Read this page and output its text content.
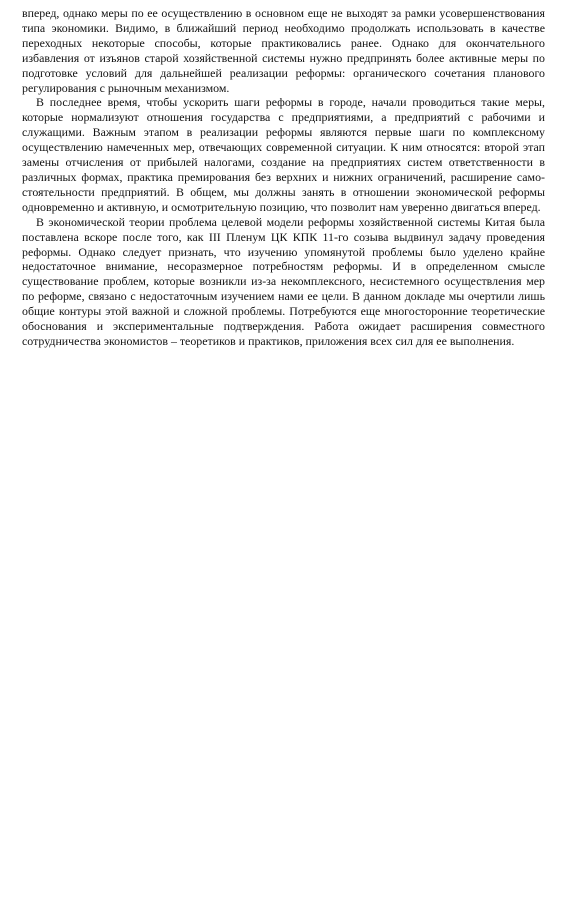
вперед, однако меры по ее осуществлению в основном еще не выходят за рамки усовершенствования типа экономики. Видимо, в ближайший период необходимо продолжать использовать в качестве переходных некоторые способы, которые практиковались ранее. Однако для окончательного избавления от изъянов старой хозяйственной системы нужно предпринять более активные меры по подготовке условий для дальнейшей реализации реформы: органического сочетания планового регулирования с рыночным механизмом.

В последнее время, чтобы ускорить шаги реформы в городе, начали проводиться такие меры, которые нормализуют отношения государства с предприятиями, а предприятий с рабочими и служащими. Важным этапом в реализации реформы являются первые шаги по комплексному осуществлению намеченных мер, отвечающих современной ситуации. К ним относятся: второй этап замены отчисления от прибылей налогами, создание на предприятиях систем ответственности в различных формах, практика премирования без верхних и нижних ограничений, расширение самостоятельности предприятий. В общем, мы должны занять в отношении экономической реформы одновременно и активную, и осмотрительную позицию, что позволит нам уверенно двигаться вперед.

В экономической теории проблема целевой модели реформы хозяйственной системы Китая была поставлена вскоре после того, как III Пленум ЦК КПК 11-го созыва выдвинул задачу проведения реформы. Однако следует признать, что изучению упомянутой проблемы было уделено крайне недостаточное внимание, несоразмерное потребностям реформы. И в определенном смысле существование проблем, которые возникли из-за некомплексного, несистемного осуществления мер по реформе, связано с недостаточным изучением нами ее цели. В данном докладе мы очертили лишь общие контуры этой важной и сложной проблемы. Потребуются еще многосторонние теоретические обоснования и экспериментальные подтверждения. Работа ожидает расширения совместного сотрудничества экономистов – теоретиков и практиков, приложения всех сил для ее выполнения.
